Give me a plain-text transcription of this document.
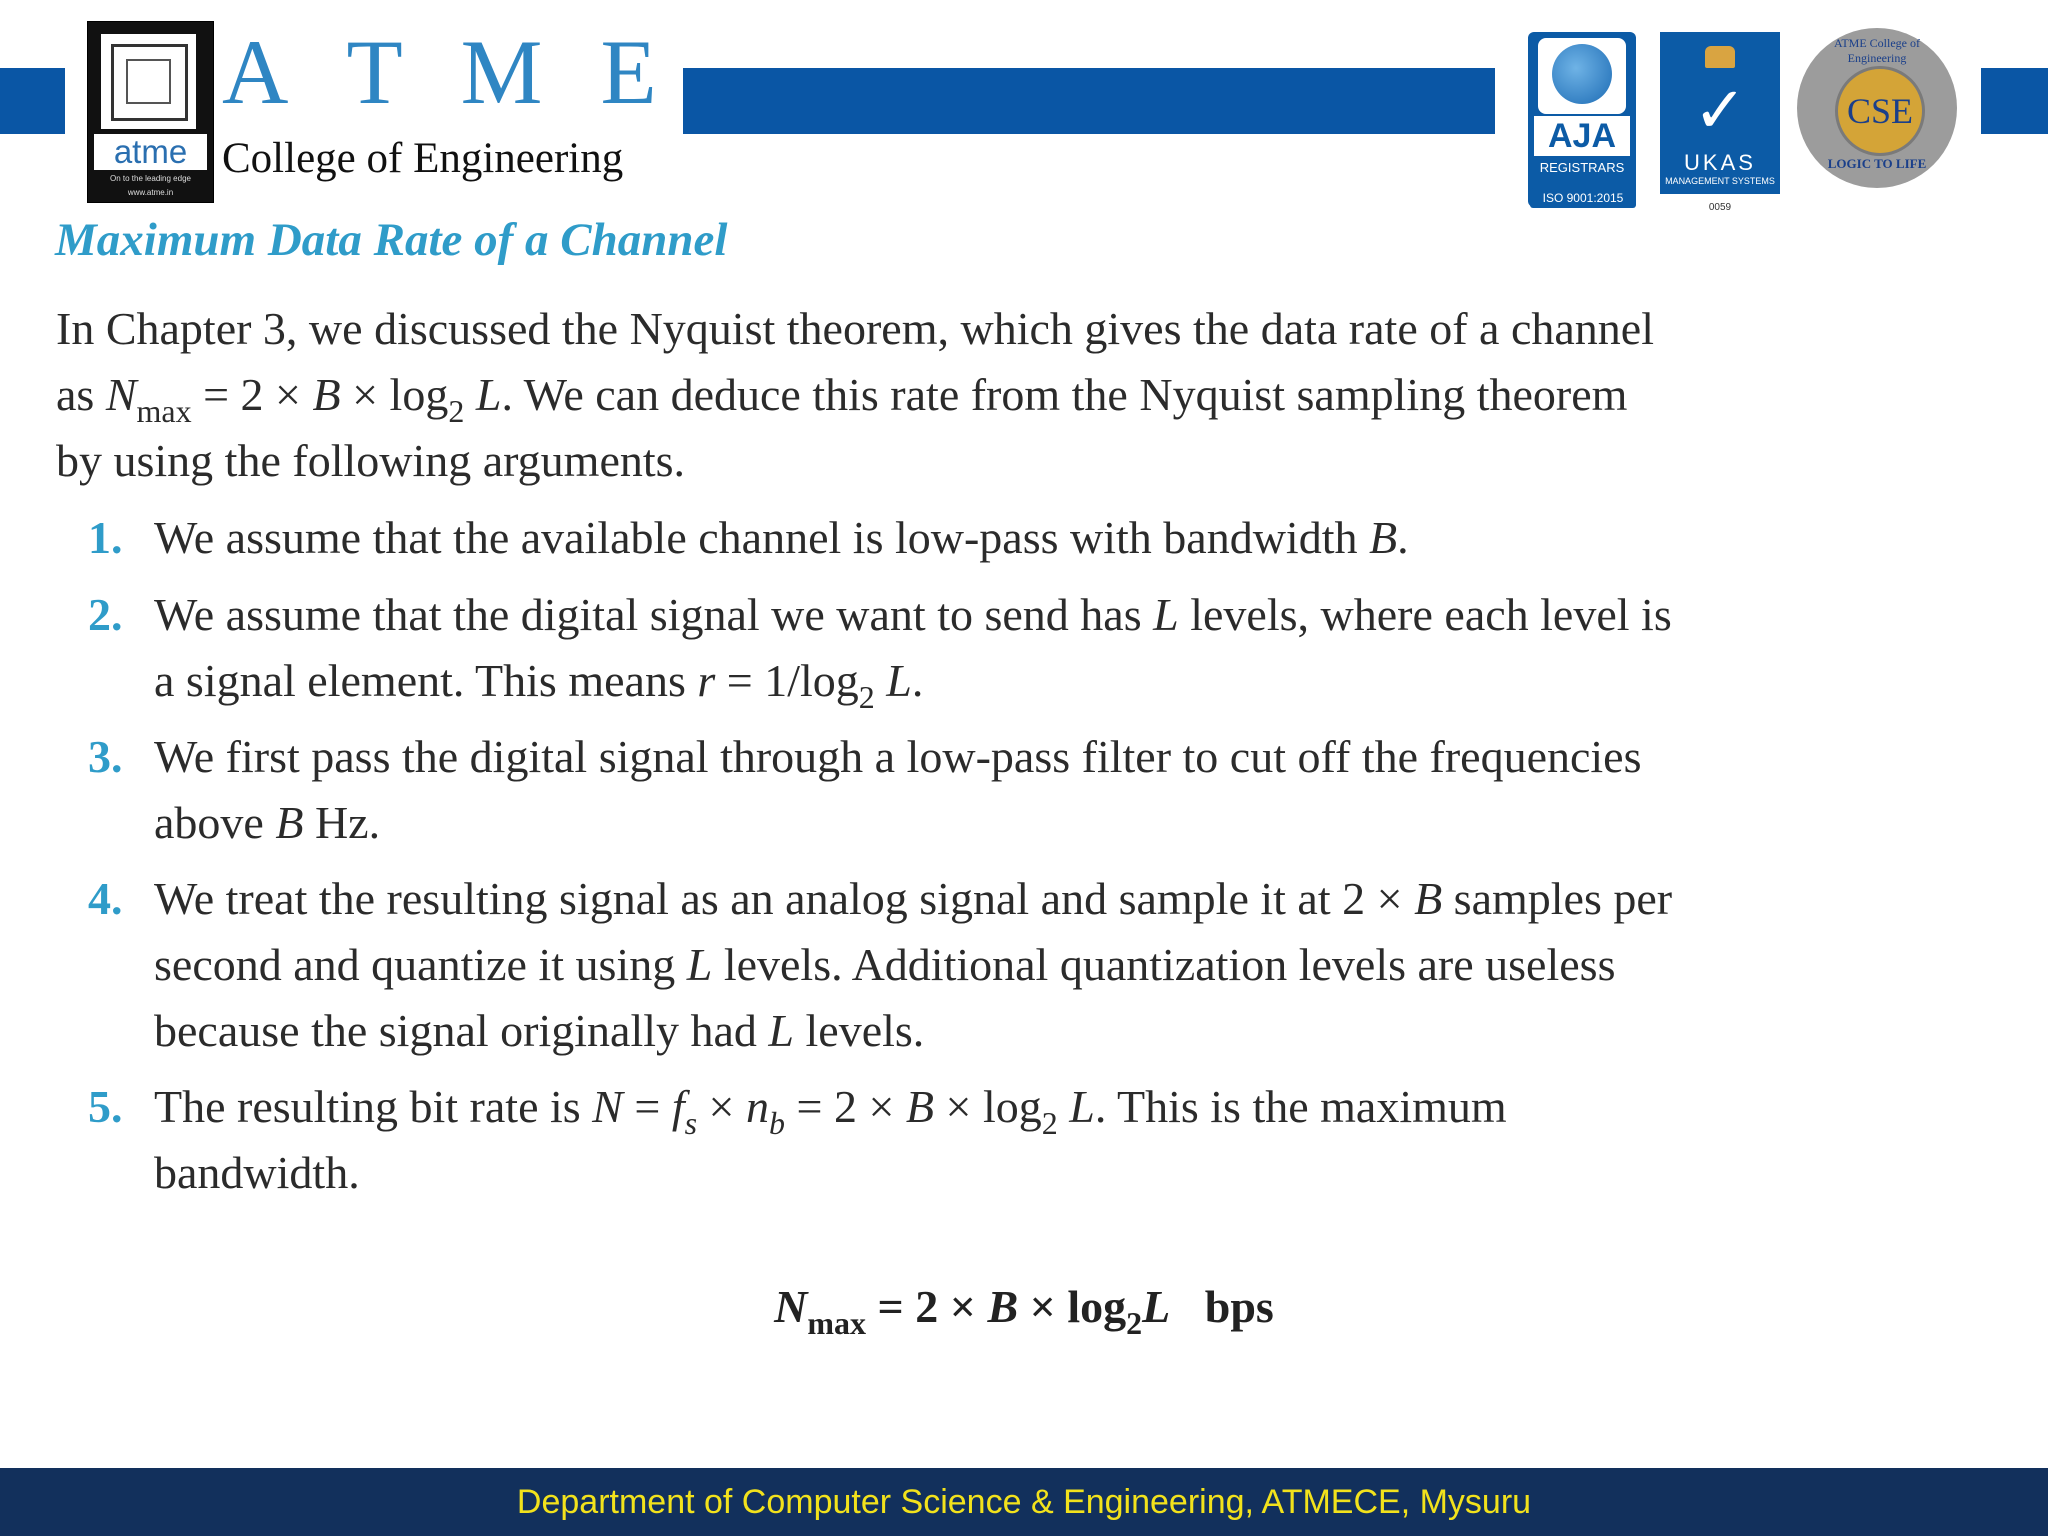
atme
On to the leading edge
www.atme.in
A T M E
College of Engineering	AJA
REGISTRARS
ISO 9001:2015
✓
UKAS
MANAGEMENT SYSTEMS
0059
ATME College of Engineering
CSE
LOGIC TO LIFE
Maximum Data Rate of a Channel
In Chapter 3, we discussed the Nyquist theorem, which gives the data rate of a channel
as $N_{max} = 2 \times B \times \log_2 L$. We can deduce this rate from the Nyquist sampling theorem
by using the following arguments.
1. We assume that the available channel is low-pass with bandwidth B.
2. We assume that the digital signal we want to send has L levels, where each level is
a signal element. This means $r = 1/\log_2$ L.
3. We first pass the digital signal through a low-pass filter to cut off the frequencies
above B Hz.
4. We treat the resulting signal as an analog signal and sample it at 2 × B samples per
second and quantize it using L levels. Additional quantization levels are useless
because the signal originally had L levels.
5. The resulting bit rate is $N = f_s \times n_b = 2 \times B \times \log_2 L$. This is the maximum
bandwidth.
$N_{max} = 2 \times B \times \log_2L$   bps
Department of Computer Science & Engineering, ATMECE, Mysuru
